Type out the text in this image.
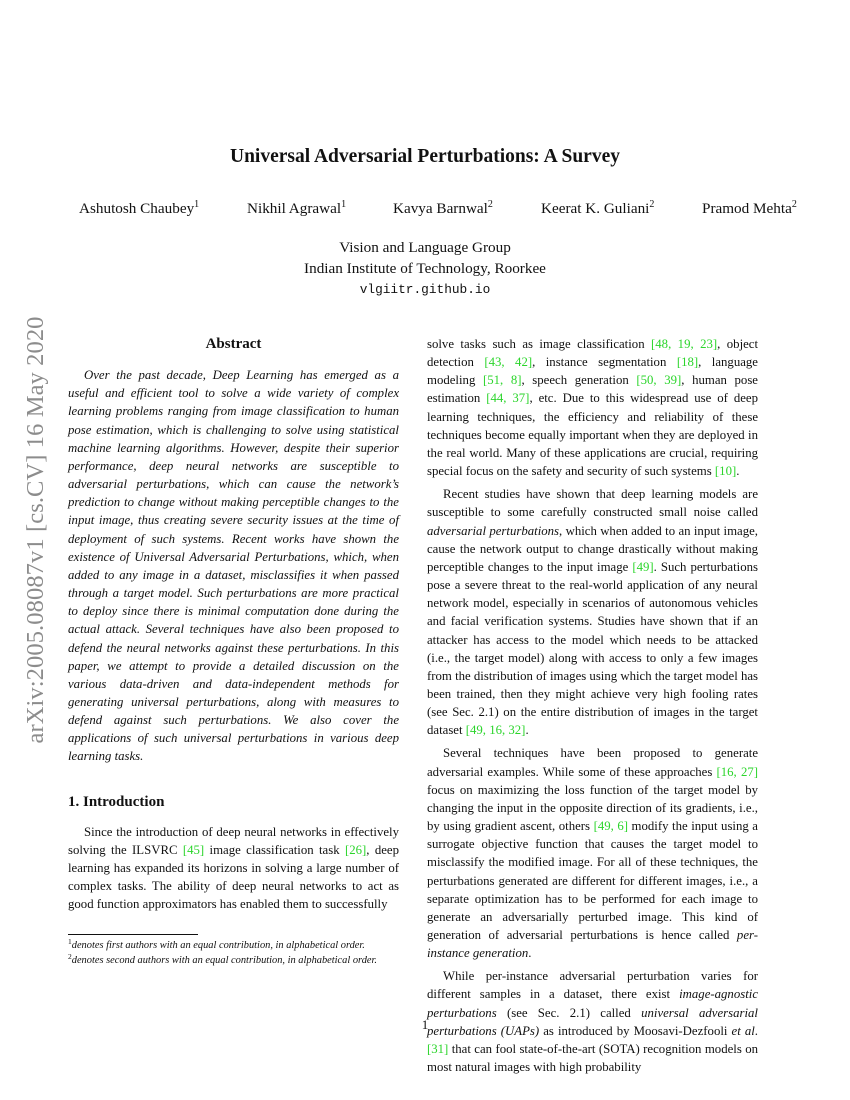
arXiv:2005.08087v1 [cs.CV] 16 May 2020
Universal Adversarial Perturbations: A Survey
Ashutosh Chaubey$^1$	Nikhil Agrawal$^1$	Kavya Barnwal$^2$	Keerat K. Guliani$^2$	Pramod Mehta$^2$
Vision and Language Group
Indian Institute of Technology, Roorkee
vlgiitr.github.io
Abstract

Over the past decade, Deep Learning has emerged as a useful and efficient tool to solve a wide variety of complex learning problems ranging from image classification to human pose estimation, which is challenging to solve using statistical machine learning algorithms. However, despite their superior performance, deep neural networks are susceptible to adversarial perturbations, which can cause the network’s prediction to change without making perceptible changes to the input image, thus creating severe security issues at the time of deployment of such systems. Recent works have shown the existence of Universal Adversarial Perturbations, which, when added to any image in a dataset, misclassifies it when passed through a target model. Such perturbations are more practical to deploy since there is minimal computation done during the actual attack. Several techniques have also been proposed to defend the neural networks against these perturbations. In this paper, we attempt to provide a detailed discussion on the various data-driven and data-independent methods for generating universal perturbations, along with measures to defend against such perturbations. We also cover the applications of such universal perturbations in various deep learning tasks.

1. Introduction

Since the introduction of deep neural networks in effectively solving the ILSVRC [45] image classification task [26], deep learning has expanded its horizons in solving a large number of complex tasks. The ability of deep neural networks to act as good function approximators has enabled them to successfully

$^1$denotes first authors with an equal contribution, in alphabetical order.
$^2$denotes second authors with an equal contribution, in alphabetical order.

solve tasks such as image classification [48, 19, 23], object detection [43, 42], instance segmentation [18], language modeling [51, 8], speech generation [50, 39], human pose estimation [44, 37], etc. Due to this widespread use of deep learning techniques, the efficiency and reliability of these techniques become equally important when they are deployed in the real world. Many of these applications are crucial, requiring special focus on the safety and security of such systems [10].

Recent studies have shown that deep learning models are susceptible to some carefully constructed small noise called adversarial perturbations, which when added to an input image, cause the network output to change drastically without making perceptible changes to the input image [49]. Such perturbations pose a severe threat to the real-world application of any neural network model, especially in scenarios of autonomous vehicles and facial verification systems. Studies have shown that if an attacker has access to the model which needs to be attacked (i.e., the target model) along with access to only a few images from the distribution of images using which the target model has been trained, then they might achieve very high fooling rates (see Sec. 2.1) on the entire distribution of images in the target dataset [49, 16, 32].

Several techniques have been proposed to generate adversarial examples. While some of these approaches [16, 27] focus on maximizing the loss function of the target model by changing the input in the opposite direction of its gradients, i.e., by using gradient ascent, others [49, 6] modify the input using a surrogate objective function that causes the target model to misclassify the modified image. For all of these techniques, the perturbations generated are different for different images, i.e., a separate optimization has to be performed for each image to generate an adversarially perturbed image. This kind of generation of adversarial perturbations is hence called per-instance generation.

While per-instance adversarial perturbation varies for different samples in a dataset, there exist image-agnostic perturbations (see Sec. 2.1) called universal adversarial perturbations (UAPs) as introduced by Moosavi-Dezfooli et al. [31] that can fool state-of-the-art (SOTA) recognition models on most natural images with high probability

1
